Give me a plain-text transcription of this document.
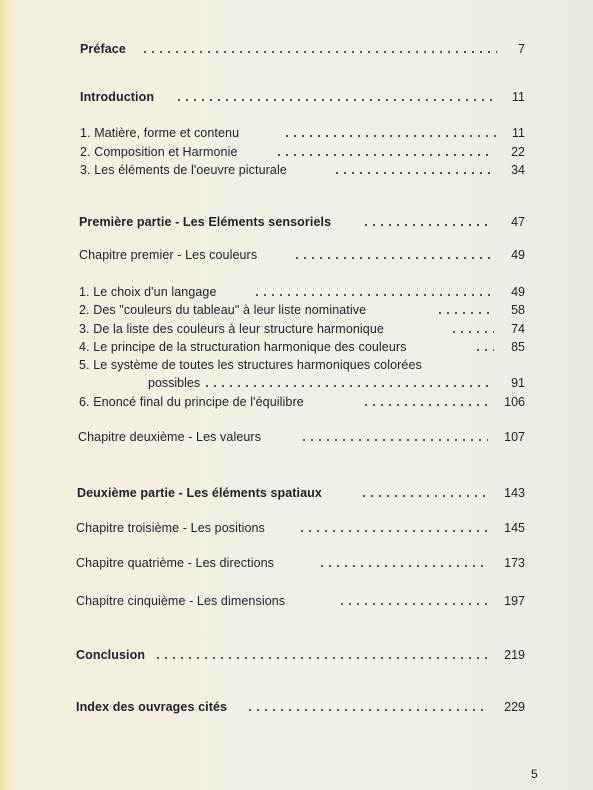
Préface	7
Introduction	11
1. Matière, forme et contenu	11
2. Composition et Harmonie	22
3. Les éléments de l'oeuvre picturale	34
Première partie - Les Eléments sensoriels	47
Chapitre premier - Les couleurs	49
1. Le choix d'un langage	49
2. Des "couleurs du tableau" à leur liste nominative	58
3. De la liste des couleurs à leur structure harmonique	74
4. Le principe de la structuration harmonique des couleurs	85
5. Le système de toutes les structures harmoniques colorées
possibles	91
6. Enoncé final du principe de l'équilibre	106
Chapitre deuxième - Les valeurs	107
Deuxième partie - Les éléments spatiaux	143
Chapitre troisième - Les positions	145
Chapitre quatrième - Les directions	173
Chapitre cinquième - Les dimensions	197
Conclusion	219
Index des ouvrages cités	229
5
